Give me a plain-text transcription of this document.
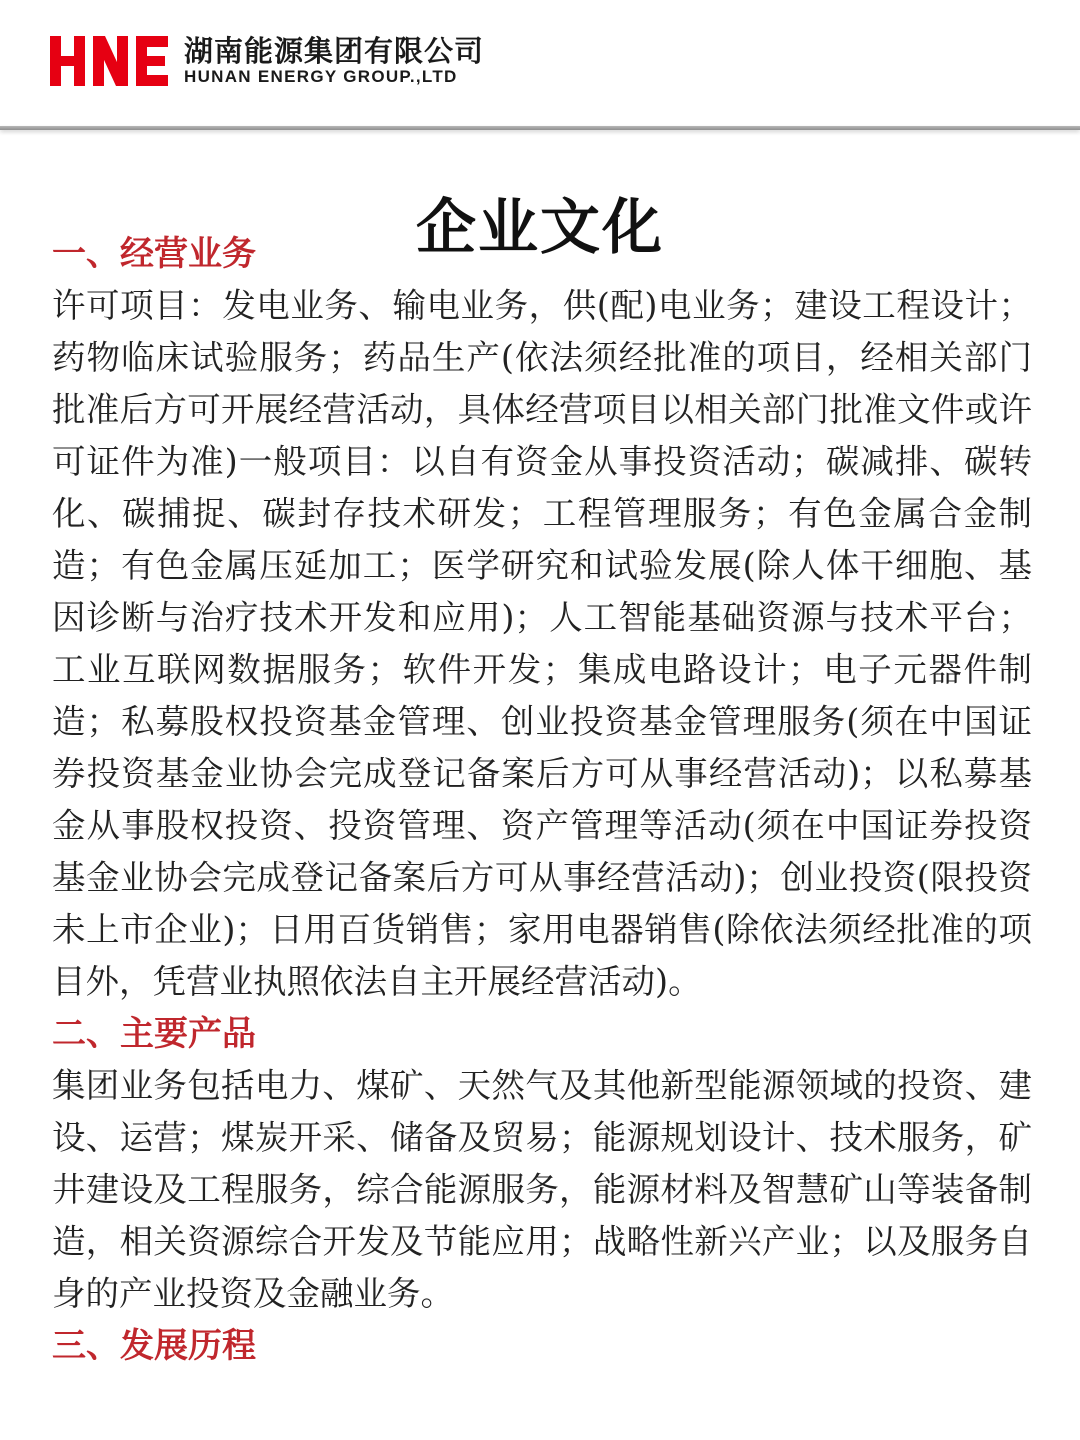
湖南能源集团有限公司
HUNAN ENERGY GROUP.,LTD
企业文化
一、经营业务

许可项目：发电业务、输电业务，供(配)电业务；建设工程设计；药物临床试验服务；药品生产(依法须经批准的项目，经相关部门批准后方可开展经营活动，具体经营项目以相关部门批准文件或许可证件为准)一般项目：以自有资金从事投资活动；碳减排、碳转化、碳捕捉、碳封存技术研发；工程管理服务；有色金属合金制造；有色金属压延加工；医学研究和试验发展(除人体干细胞、基因诊断与治疗技术开发和应用)；人工智能基础资源与技术平台；工业互联网数据服务；软件开发；集成电路设计；电子元器件制造；私募股权投资基金管理、创业投资基金管理服务(须在中国证券投资基金业协会完成登记备案后方可从事经营活动)；以私募基金从事股权投资、投资管理、资产管理等活动(须在中国证券投资基金业协会完成登记备案后方可从事经营活动)；创业投资(限投资未上市企业)；日用百货销售；家用电器销售(除依法须经批准的项目外，凭营业执照依法自主开展经营活动)。

二、主要产品

集团业务包括电力、煤矿、天然气及其他新型能源领域的投资、建设、运营；煤炭开采、储备及贸易；能源规划设计、技术服务，矿井建设及工程服务，综合能源服务，能源材料及智慧矿山等装备制造，相关资源综合开发及节能应用；战略性新兴产业；以及服务自身的产业投资及金融业务。

三、发展历程
